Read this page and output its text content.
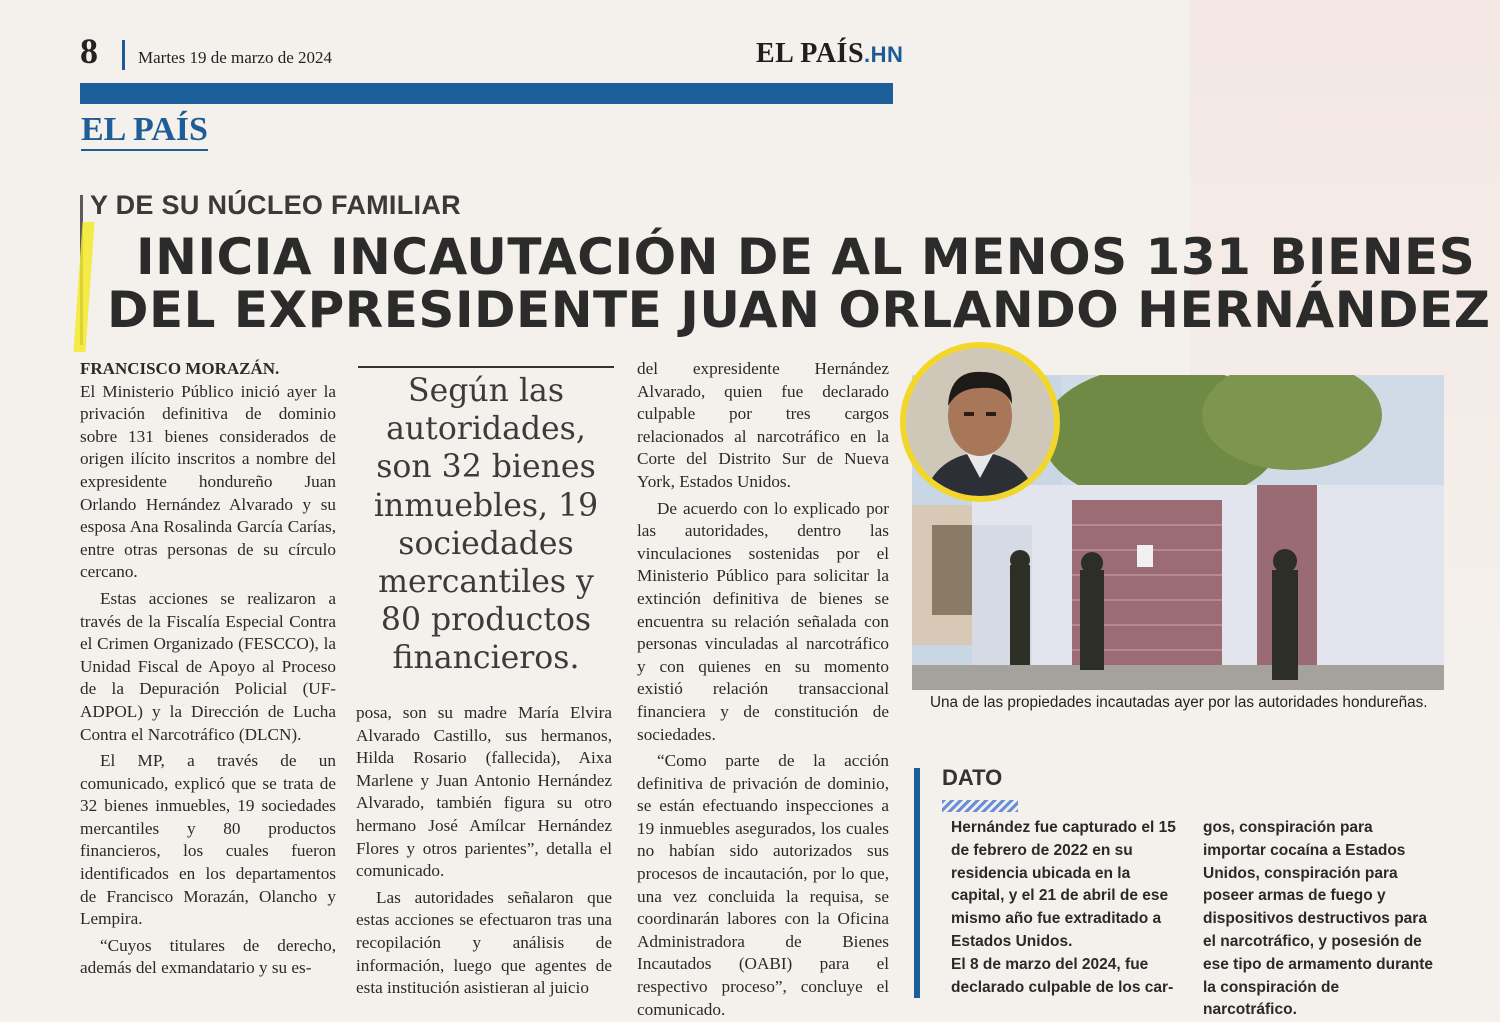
8 Martes 19 de marzo de 2024	EL PAÍS.HN
EL PAÍS
Y DE SU NÚCLEO FAMILIAR
INICIA INCAUTACIÓN DE AL MENOS 131 BIENES
DEL EXPRESIDENTE JUAN ORLANDO HERNÁNDEZ

FRANCISCO MORAZÁN.
El Ministerio Público inició ayer la privación definitiva de dominio sobre 131 bienes considerados de origen ilícito inscritos a nombre del expresidente hondureño Juan Orlando Hernández Alvarado y su esposa Ana Rosalinda García Carías, entre otras personas de su círculo cercano.

Estas acciones se realizaron a través de la Fiscalía Especial Contra el Crimen Organizado (FESCCO), la Unidad Fiscal de Apoyo al Proceso de la Depuración Policial (UF-ADPOL) y la Dirección de Lucha Contra el Narcotráfico (DLCN).

El MP, a través de un comunicado, explicó que se trata de 32 bienes inmuebles, 19 sociedades mercantiles y 80 productos financieros, los cuales fueron identificados en los departamentos de Francisco Morazán, Olancho y Lempira.

“Cuyos titulares de derecho, además del exmandatario y su es-

Según las autoridades, son 32 bienes inmuebles, 19 sociedades mercantiles y 80 productos financieros.

posa, son su madre María Elvira Alvarado Castillo, sus hermanos, Hilda Rosario (fallecida), Aixa Marlene y Juan Antonio Hernández Alvarado, también figura su otro hermano José Amílcar Hernández Flores y otros parientes”, detalla el comunicado.

Las autoridades señalaron que estas acciones se efectuaron tras una recopilación y análisis de información, luego que agentes de esta institución asistieran al juicio

del expresidente Hernández Alvarado, quien fue declarado culpable por tres cargos relacionados al narcotráfico en la Corte del Distrito Sur de Nueva York, Estados Unidos.

De acuerdo con lo explicado por las autoridades, dentro las vinculaciones sostenidas por el Ministerio Público para solicitar la extinción definitiva de bienes se encuentra su relación señalada con personas vinculadas al narcotráfico y con quienes en su momento existió relación transaccional financiera y de constitución de sociedades.

“Como parte de la acción definitiva de privación de dominio, se están efectuando inspecciones a 19 inmuebles asegurados, los cuales no habían sido autorizados sus procesos de incautación, por lo que, una vez concluida la requisa, se coordinarán labores con la Oficina Administradora de Bienes Incautados (OABI) para el respectivo proceso”, concluye el comunicado.

Una de las propiedades incautadas ayer por las autoridades hondureñas.
DATO

Hernández fue capturado el 15 de febrero de 2022 en su residencia ubicada en la capital, y el 21 de abril de ese mismo año fue extraditado a Estados Unidos.

El 8 de marzo del 2024, fue declarado culpable de los car-

gos, conspiración para importar cocaína a Estados Unidos, conspiración para poseer armas de fuego y dispositivos destructivos para el narcotráfico, y posesión de ese tipo de armamento durante la conspiración de narcotráfico.
